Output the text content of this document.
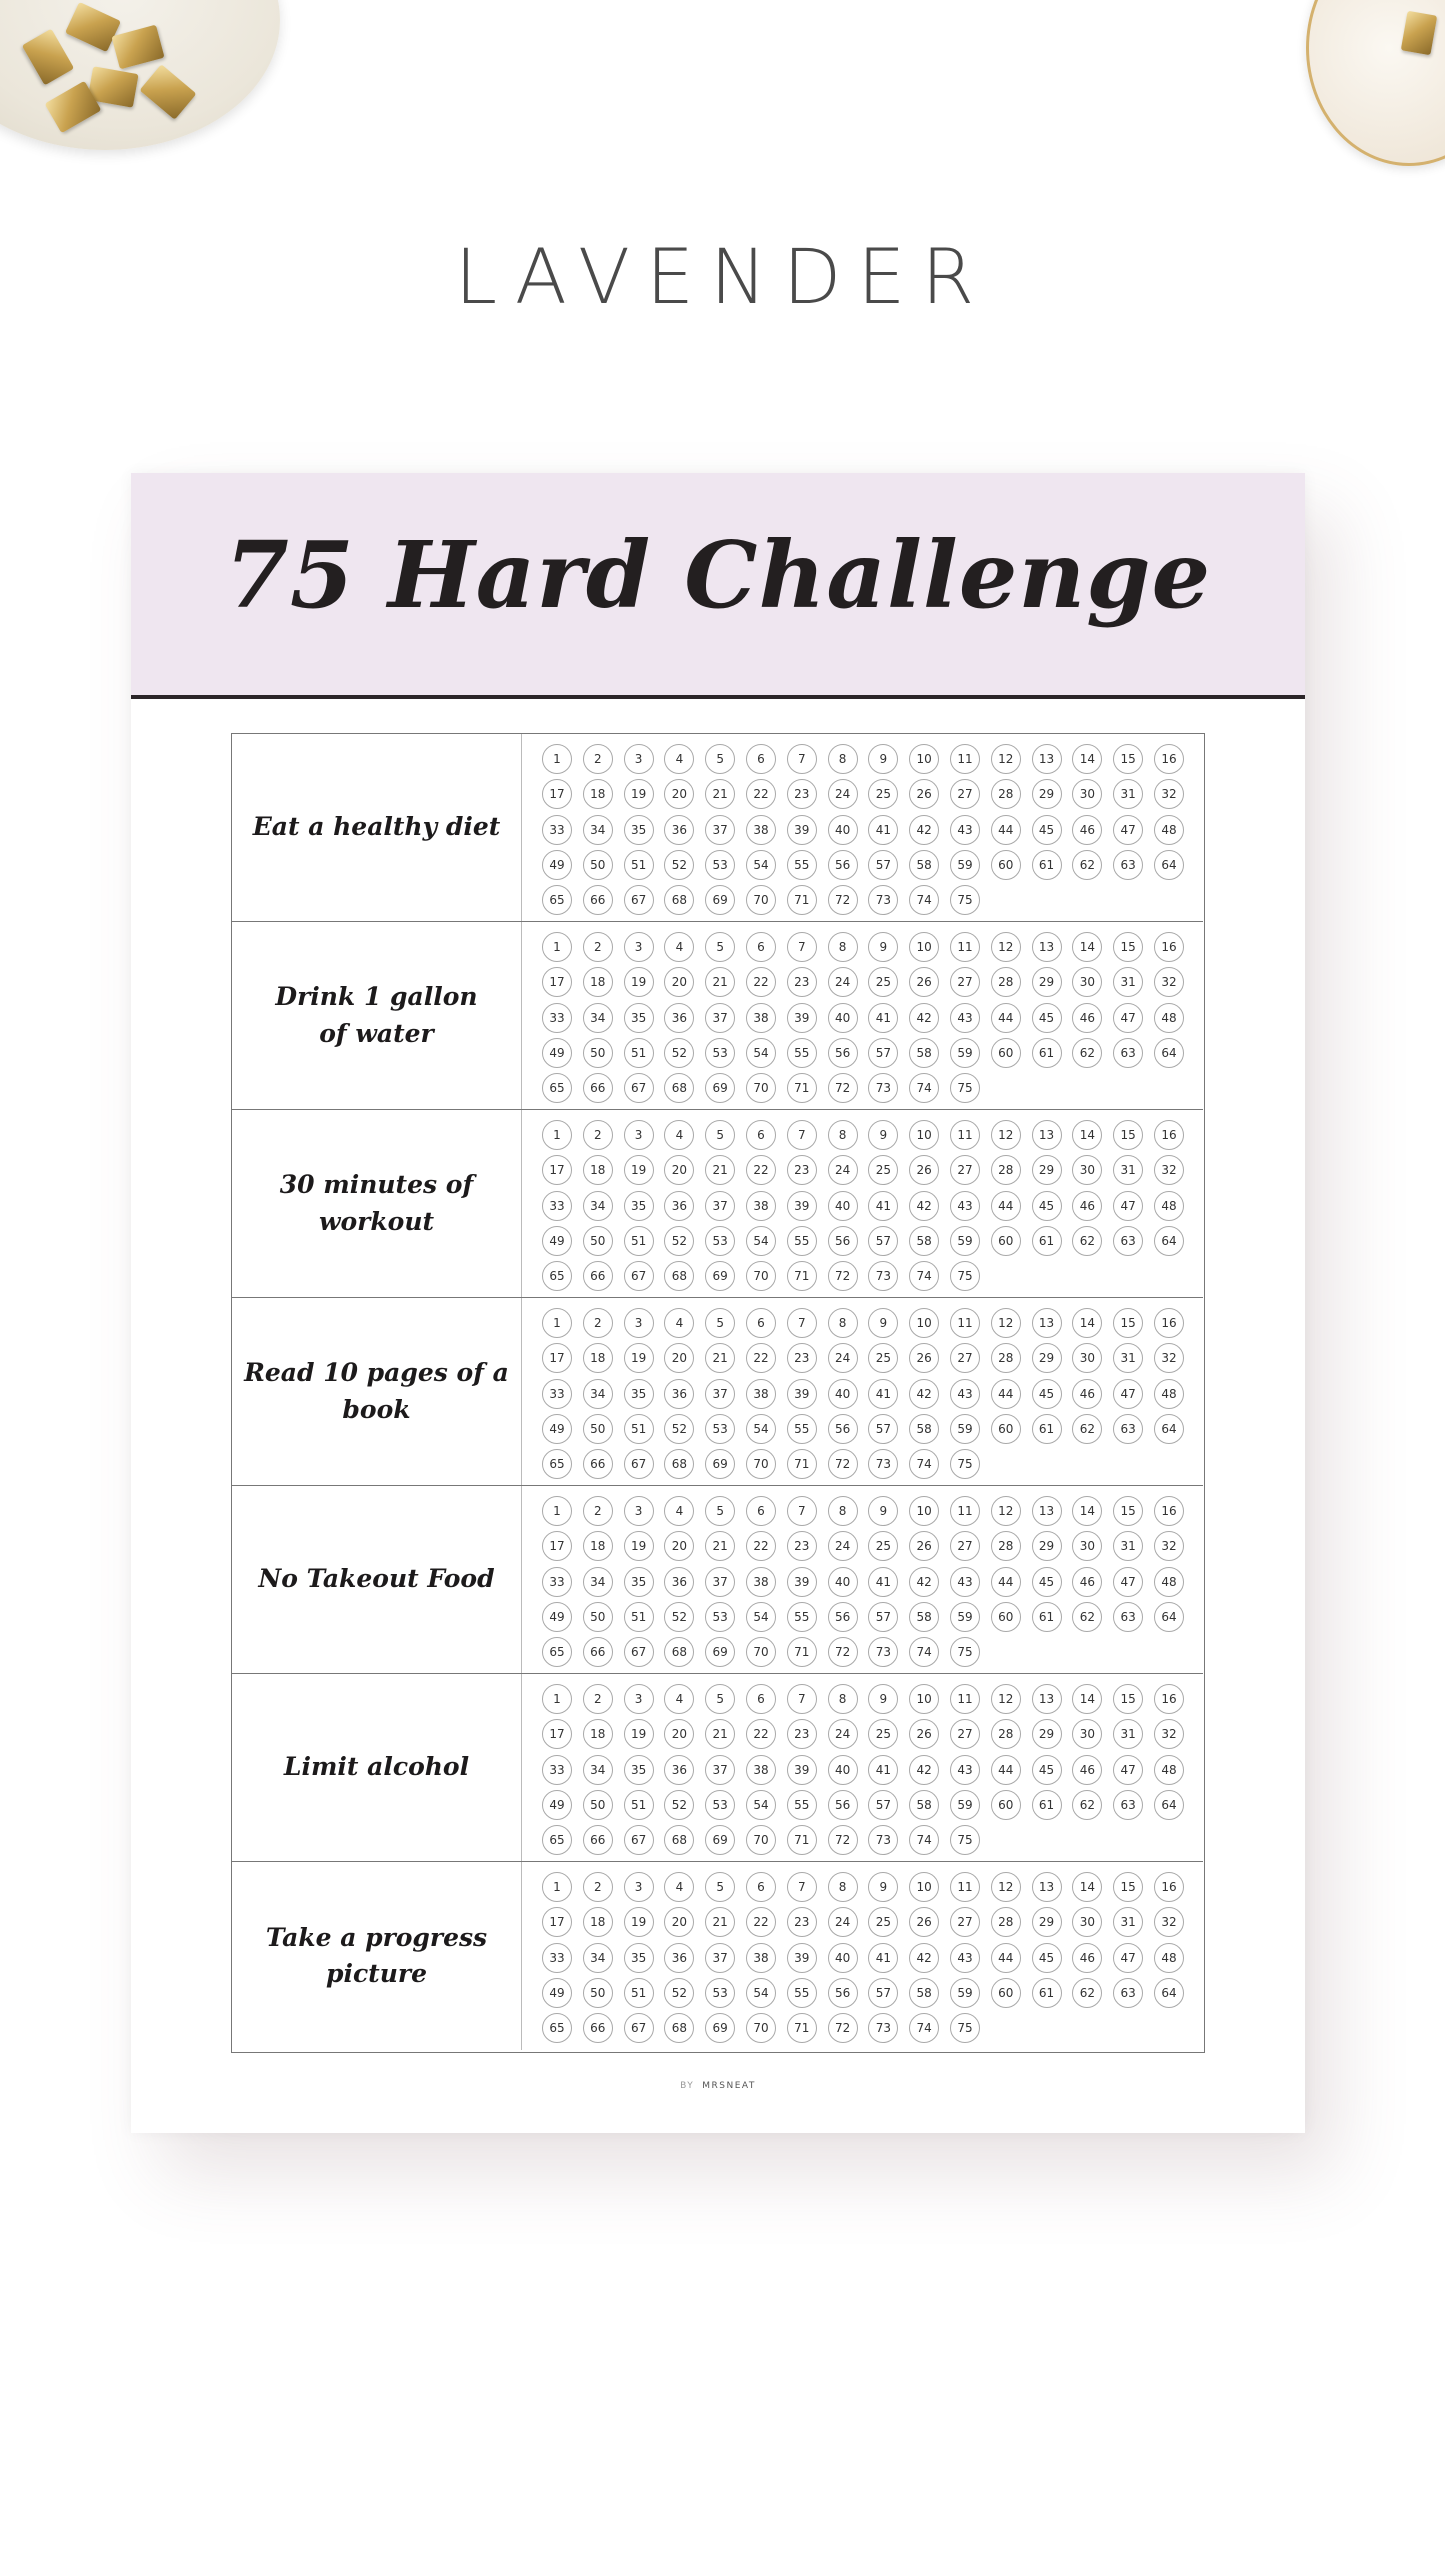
LAVENDER
75 Hard Challenge
Eat a healthy diet
1	2	3	4	5	6	7	8	9	10	11	12	13	14	15	16
17	18	19	20	21	22	23	24	25	26	27	28	29	30	31	32
33	34	35	36	37	38	39	40	41	42	43	44	45	46	47	48
49	50	51	52	53	54	55	56	57	58	59	60	61	62	63	64
65	66	67	68	69	70	71	72	73	74	75
Drink 1 gallon
of water
1	2	3	4	5	6	7	8	9	10	11	12	13	14	15	16
17	18	19	20	21	22	23	24	25	26	27	28	29	30	31	32
33	34	35	36	37	38	39	40	41	42	43	44	45	46	47	48
49	50	51	52	53	54	55	56	57	58	59	60	61	62	63	64
65	66	67	68	69	70	71	72	73	74	75
30 minutes of workout
1	2	3	4	5	6	7	8	9	10	11	12	13	14	15	16
17	18	19	20	21	22	23	24	25	26	27	28	29	30	31	32
33	34	35	36	37	38	39	40	41	42	43	44	45	46	47	48
49	50	51	52	53	54	55	56	57	58	59	60	61	62	63	64
65	66	67	68	69	70	71	72	73	74	75
Read 10 pages of a book
1	2	3	4	5	6	7	8	9	10	11	12	13	14	15	16
17	18	19	20	21	22	23	24	25	26	27	28	29	30	31	32
33	34	35	36	37	38	39	40	41	42	43	44	45	46	47	48
49	50	51	52	53	54	55	56	57	58	59	60	61	62	63	64
65	66	67	68	69	70	71	72	73	74	75
No Takeout Food
1	2	3	4	5	6	7	8	9	10	11	12	13	14	15	16
17	18	19	20	21	22	23	24	25	26	27	28	29	30	31	32
33	34	35	36	37	38	39	40	41	42	43	44	45	46	47	48
49	50	51	52	53	54	55	56	57	58	59	60	61	62	63	64
65	66	67	68	69	70	71	72	73	74	75
Limit alcohol
1	2	3	4	5	6	7	8	9	10	11	12	13	14	15	16
17	18	19	20	21	22	23	24	25	26	27	28	29	30	31	32
33	34	35	36	37	38	39	40	41	42	43	44	45	46	47	48
49	50	51	52	53	54	55	56	57	58	59	60	61	62	63	64
65	66	67	68	69	70	71	72	73	74	75
Take a progress picture
1	2	3	4	5	6	7	8	9	10	11	12	13	14	15	16
17	18	19	20	21	22	23	24	25	26	27	28	29	30	31	32
33	34	35	36	37	38	39	40	41	42	43	44	45	46	47	48
49	50	51	52	53	54	55	56	57	58	59	60	61	62	63	64
65	66	67	68	69	70	71	72	73	74	75
BY MRSNEAT
